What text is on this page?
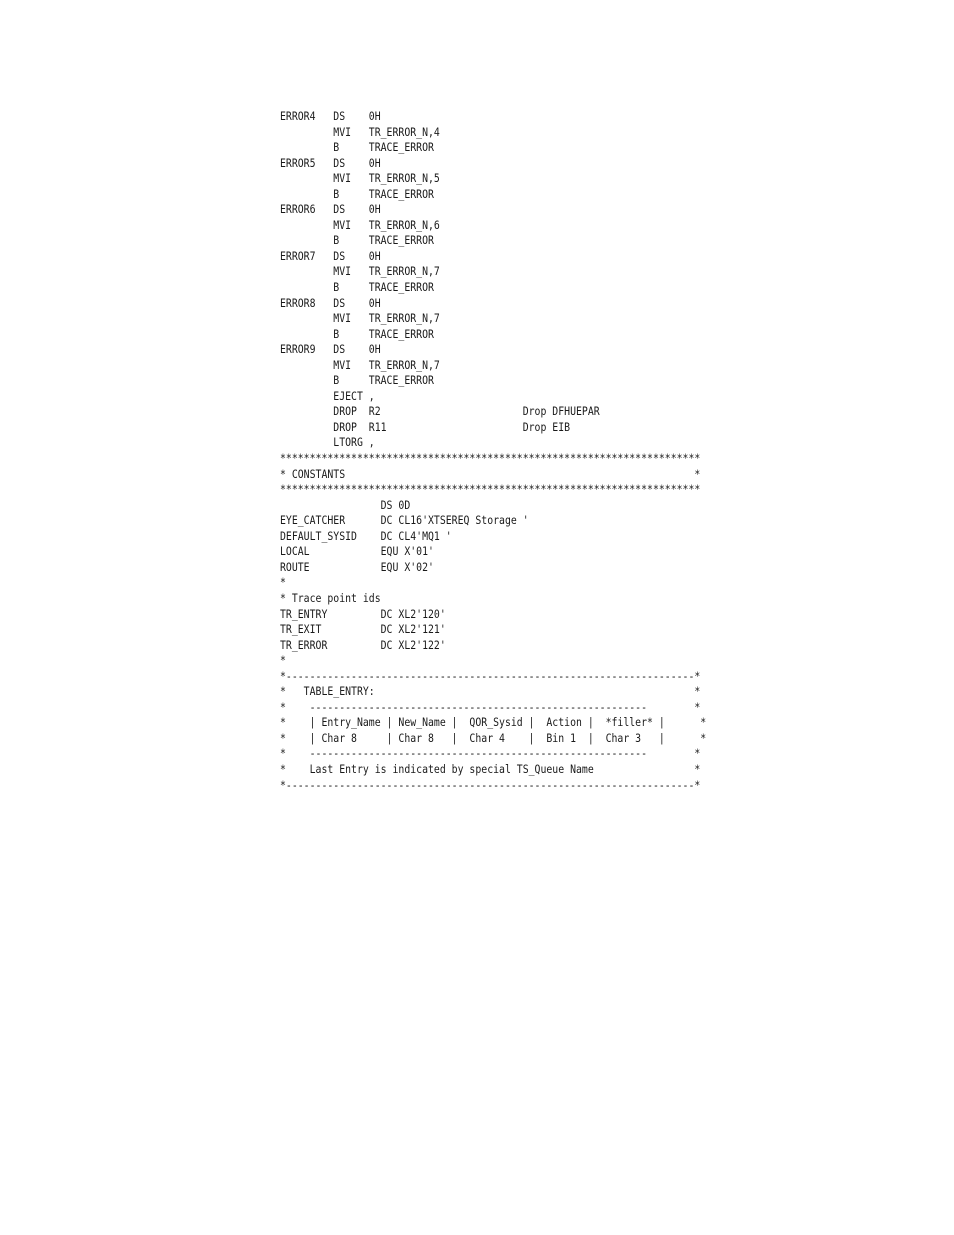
ERROR4   DS    0H
MVI   TR_ERROR_N,4
B     TRACE_ERROR
ERROR5   DS    0H
MVI   TR_ERROR_N,5
B     TRACE_ERROR
ERROR6   DS    0H
MVI   TR_ERROR_N,6
B     TRACE_ERROR
ERROR7   DS    0H
MVI   TR_ERROR_N,7
B     TRACE_ERROR
ERROR8   DS    0H
MVI   TR_ERROR_N,7
B     TRACE_ERROR
ERROR9   DS    0H
MVI   TR_ERROR_N,7
B     TRACE_ERROR
EJECT ,
DROP  R2                        Drop DFHUEPAR
DROP  R11                       Drop EIB
LTORG ,
***********************************************************************
* CONSTANTS                                                           *
***********************************************************************
DS 0D
EYE_CATCHER      DC CL16'XTSEREQ Storage '
DEFAULT_SYSID    DC CL4'MQ1 '
LOCAL            EQU X'01'
ROUTE            EQU X'02'
*
* Trace point ids
TR_ENTRY         DC XL2'120'
TR_EXIT          DC XL2'121'
TR_ERROR         DC XL2'122'
*
*---------------------------------------------------------------------*
*   TABLE_ENTRY:                                                      *
*    ---------------------------------------------------------        *
*    | Entry_Name | New_Name |  QOR_Sysid |  Action |  *filler* |      *
*    | Char 8     | Char 8   |  Char 4    |  Bin 1  |  Char 3   |      *
*    ---------------------------------------------------------        *
*    Last Entry is indicated by special TS_Queue Name                 *
*---------------------------------------------------------------------*
